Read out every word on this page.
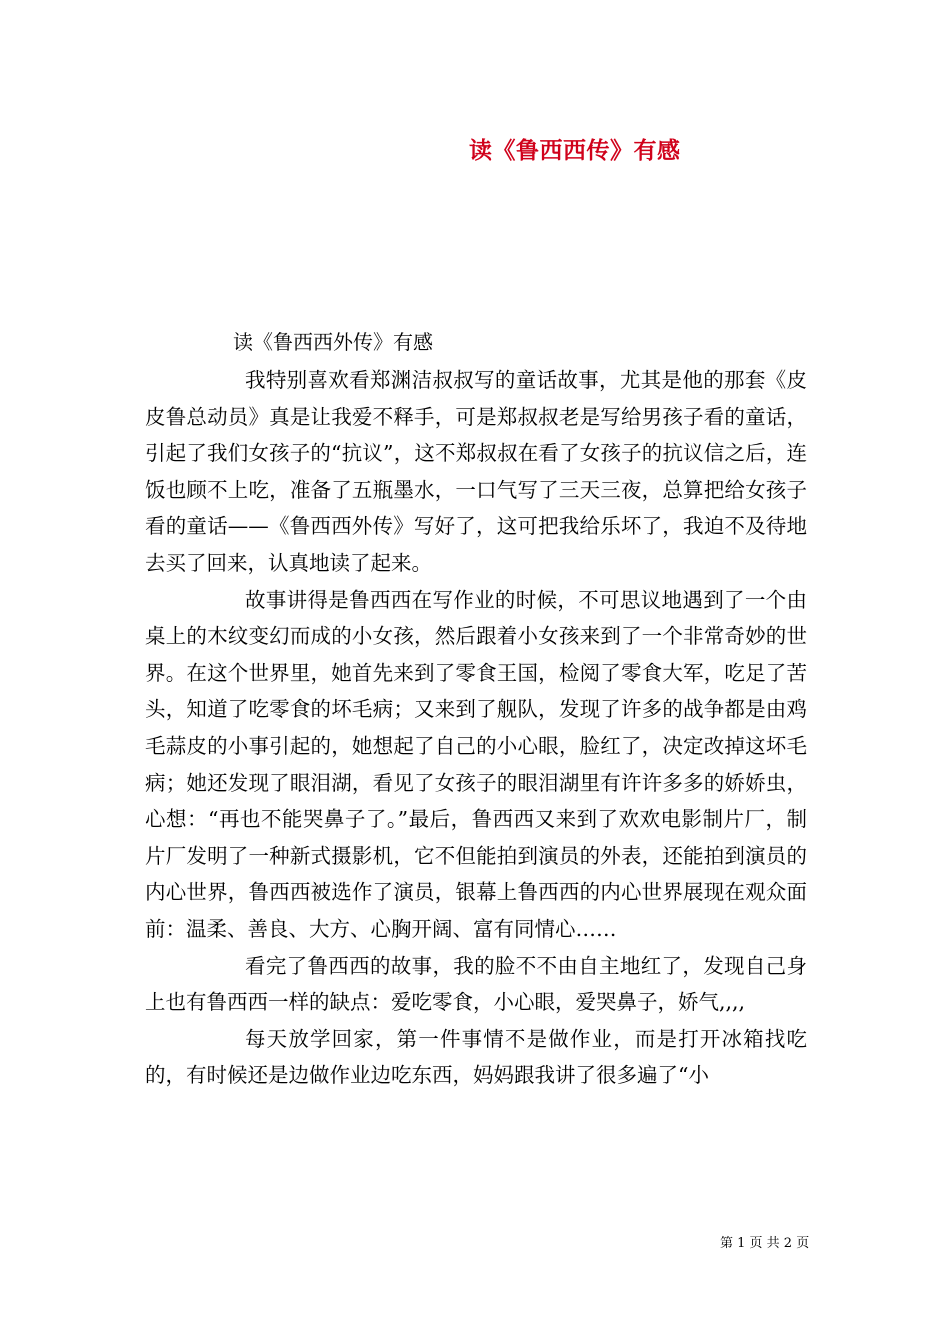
读《鲁西西传》有感

读《鲁西西外传》有感

我特别喜欢看郑渊洁叔叔写的童话故事，尤其是他的那套《皮皮鲁总动员》真是让我爱不释手，可是郑叔叔老是写给男孩子看的童话，引起了我们女孩子的“抗议”，这不郑叔叔在看了女孩子的抗议信之后，连饭也顾不上吃，准备了五瓶墨水，一口气写了三天三夜，总算把给女孩子看的童话——《鲁西西外传》写好了，这可把我给乐坏了，我迫不及待地去买了回来，认真地读了起来。

故事讲得是鲁西西在写作业的时候，不可思议地遇到了一个由桌上的木纹变幻而成的小女孩，然后跟着小女孩来到了一个非常奇妙的世界。在这个世界里，她首先来到了零食王国，检阅了零食大军，吃足了苦头，知道了吃零食的坏毛病；又来到了舰队，发现了许多的战争都是由鸡毛蒜皮的小事引起的，她想起了自己的小心眼，脸红了，决定改掉这坏毛病；她还发现了眼泪湖，看见了女孩子的眼泪湖里有许许多多的娇娇虫，心想：“再也不能哭鼻子了。”最后，鲁西西又来到了欢欢电影制片厂，制片厂发明了一种新式摄影机，它不但能拍到演员的外表，还能拍到演员的内心世界，鲁西西被选作了演员，银幕上鲁西西的内心世界展现在观众面前：温柔、善良、大方、心胸开阔、富有同情心……

看完了鲁西西的故事，我的脸不不由自主地红了，发现自己身上也有鲁西西一样的缺点：爱吃零食，小心眼，爱哭鼻子，娇气,,,,

每天放学回家，第一件事情不是做作业，而是打开冰箱找吃的，有时候还是边做作业边吃东西，妈妈跟我讲了很多遍了“小

第 1 页 共 2 页
